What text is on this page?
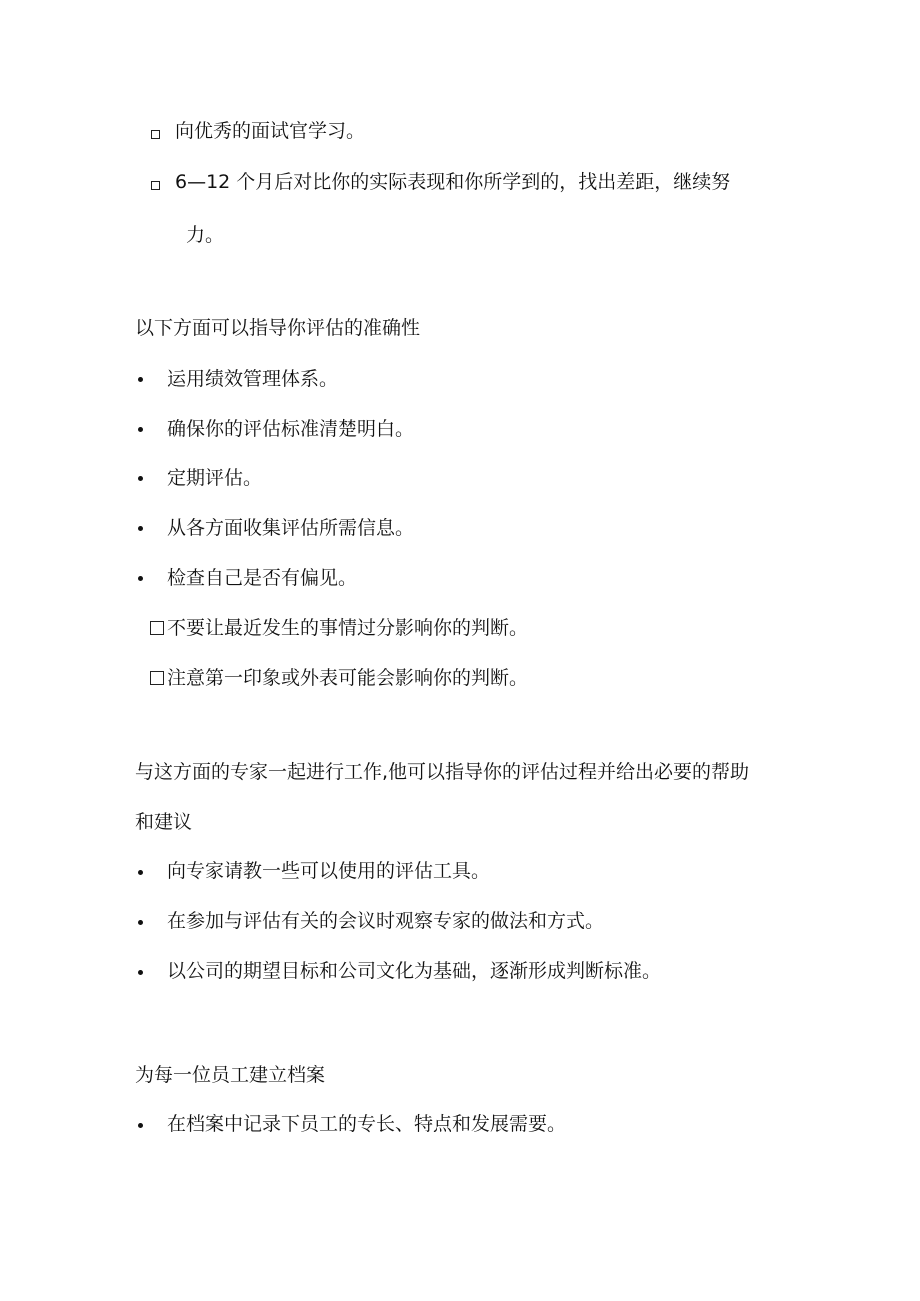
向优秀的面试官学习。
6—12 个月后对比你的实际表现和你所学到的，找出差距，继续努
力。
以下方面可以指导你评估的准确性
运用绩效管理体系。
确保你的评估标准清楚明白。
定期评估。
从各方面收集评估所需信息。
检查自己是否有偏见。
不要让最近发生的事情过分影响你的判断。
注意第一印象或外表可能会影响你的判断。
与这方面的专家一起进行工作,他可以指导你的评估过程并给出必要的帮助
和建议
向专家请教一些可以使用的评估工具。
在参加与评估有关的会议时观察专家的做法和方式。
以公司的期望目标和公司文化为基础，逐渐形成判断标准。
为每一位员工建立档案
在档案中记录下员工的专长、特点和发展需要。
